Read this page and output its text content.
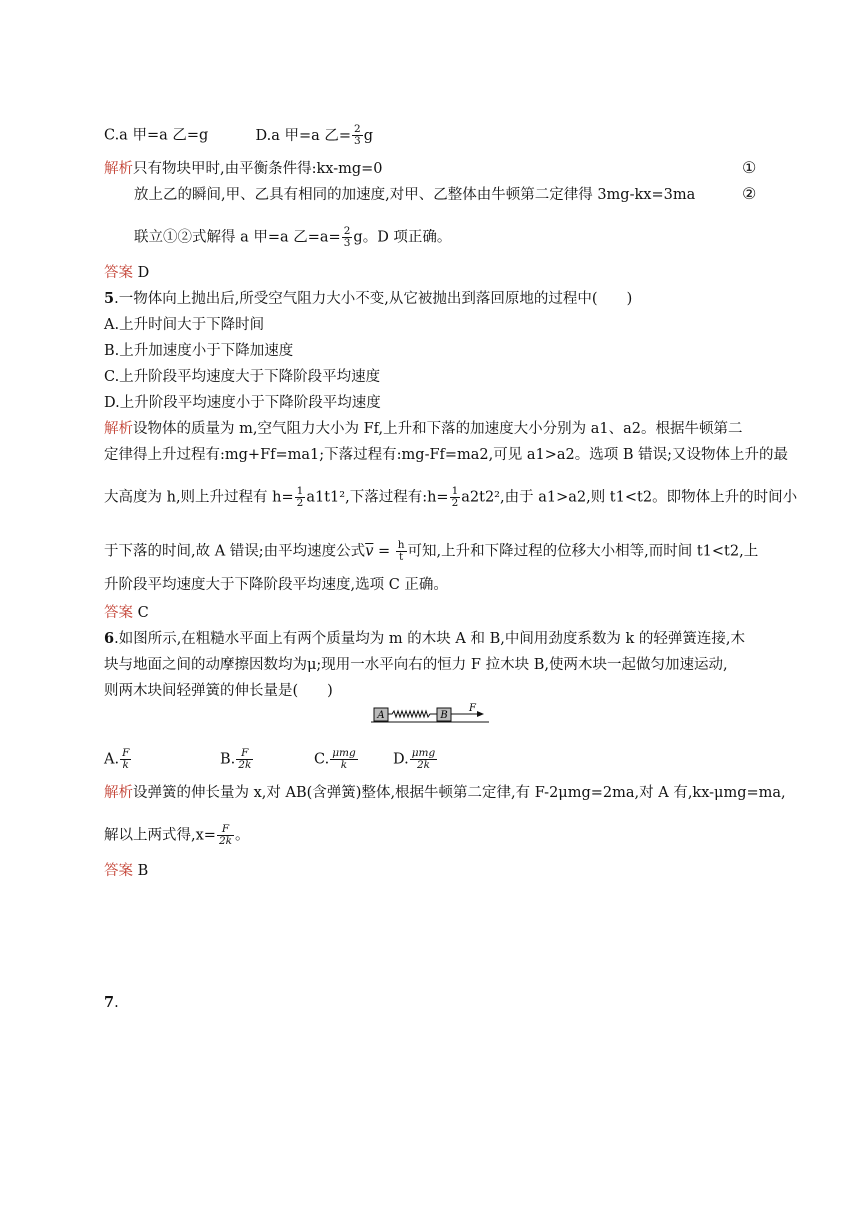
C.a 甲=a 乙=g	D.a 甲=a 乙= $\frac{2}{3}$ g
解析只有物块甲时,由平衡条件得:kx-mg=0	①
放上乙的瞬间,甲、乙具有相同的加速度,对甲、乙整体由牛顿第二定律得 3mg-kx=3ma	②
联立①②式解得 a 甲=a 乙$=a= \frac{2}{3}$ g。D 项正确。
答案 D
5.一物体向上抛出后,所受空气阻力大小不变,从它被抛出到落回原地的过程中(　　)
A.上升时间大于下降时间
B.上升加速度小于下降加速度
C.上升阶段平均速度大于下降阶段平均速度
D.上升阶段平均速度小于下降阶段平均速度
解析设物体的质量为 m,空气阻力大小为 Ff,上升和下落的加速度大小分别为 a1、a2。根据牛顿第二
定律得上升过程有:mg+Ff=ma1;下落过程有:mg-Ff=ma2,可见 a1>a2。选项 B 错误;又设物体上升的最
大高度为 h,则上升过程有 $h= \frac{1}{2} a1t1^2$,下落过程有:h= $\frac{1}{2} a2t2^2$,由于 a1>a2,则 t1<t2。即物体上升的时间小
于下落的时间,故 A 错误;由平均速度公式$\overline{v} = \frac{h}{t}$ 可知,上升和下降过程的位移大小相等,而时间 t1<t2,上
升阶段平均速度大于下降阶段平均速度,选项 C 正确。
答案 C
6.如图所示,在粗糙水平面上有两个质量均为 m 的木块 A 和 B,中间用劲度系数为 k 的轻弹簧连接,木
块与地面之间的动摩擦因数均为μ;现用一水平向右的恒力 F 拉木块 B,使两木块一起做匀加速运动,
则两木块间轻弹簧的伸长量是(　　)
A	B
F
A. $\frac{F}{k}$	B. $\frac{F}{2k}$	C. $\frac{\text{μmg}}{k} D$. $\frac{\text{μmg}}{2k}$
解析设弹簧的伸长量为 x,对 AB(含弹簧)整体,根据牛顿第二定律,有 F-2μmg=2ma,对 A 有,kx-μmg=ma,
解以上两式得$,x= \frac{F}{2k}$ 。
答案 B
7.
